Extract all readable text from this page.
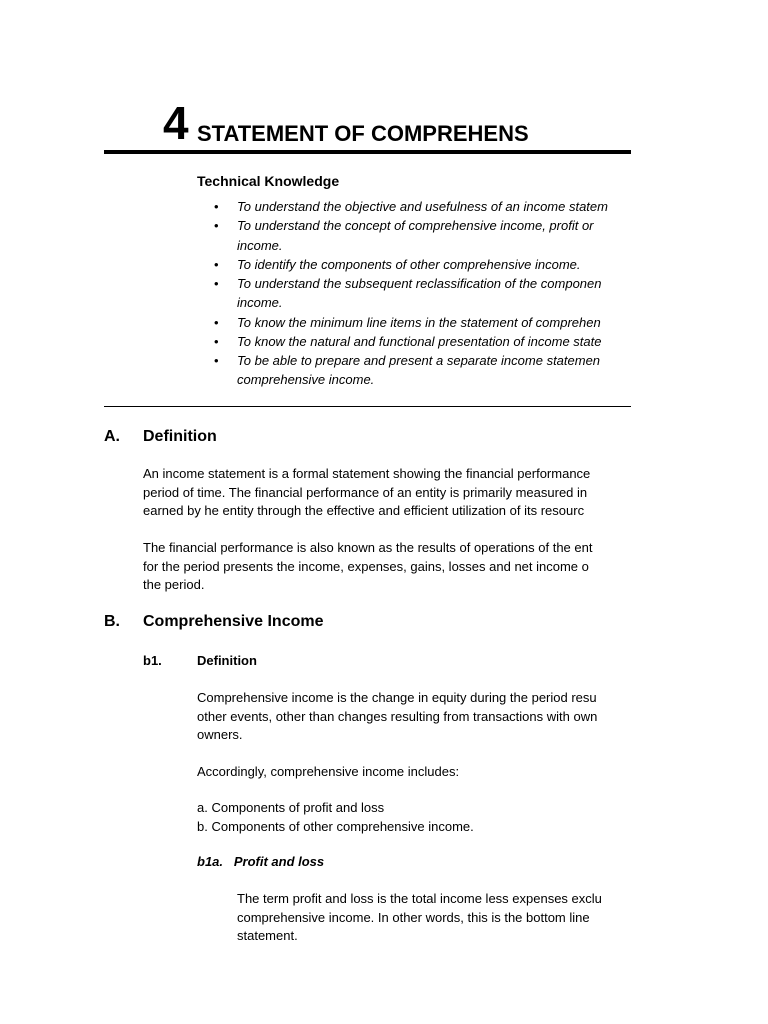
4 STATEMENT OF COMPREHENS
Technical Knowledge
• To understand the objective and usefulness of an income statem
• To understand the concept of comprehensive income, profit or
income.
• To identify the components of other comprehensive income.
• To understand the subsequent reclassification of the componen
income.
• To know the minimum line items in the statement of comprehen
• To know the natural and functional presentation of income state
• To be able to prepare and present a separate income statemen
comprehensive income.
A. Definition
An income statement is a formal statement showing the financial performance
period of time. The financial performance of an entity is primarily measured in
earned by he entity through the effective and efficient utilization of its resourc
The financial performance is also known as the results of operations of the ent
for the period presents the income, expenses, gains, losses and net income o
the period.
B. Comprehensive Income
b1.	Definition
Comprehensive income is the change in equity during the period resu
other events, other than changes resulting from transactions with own
owners.
Accordingly, comprehensive income includes:
a. Components of profit and loss
b. Components of other comprehensive income.
b1a.   Profit and loss
The term profit and loss is the total income less expenses exclu
comprehensive income. In other words, this is the bottom line
statement.
